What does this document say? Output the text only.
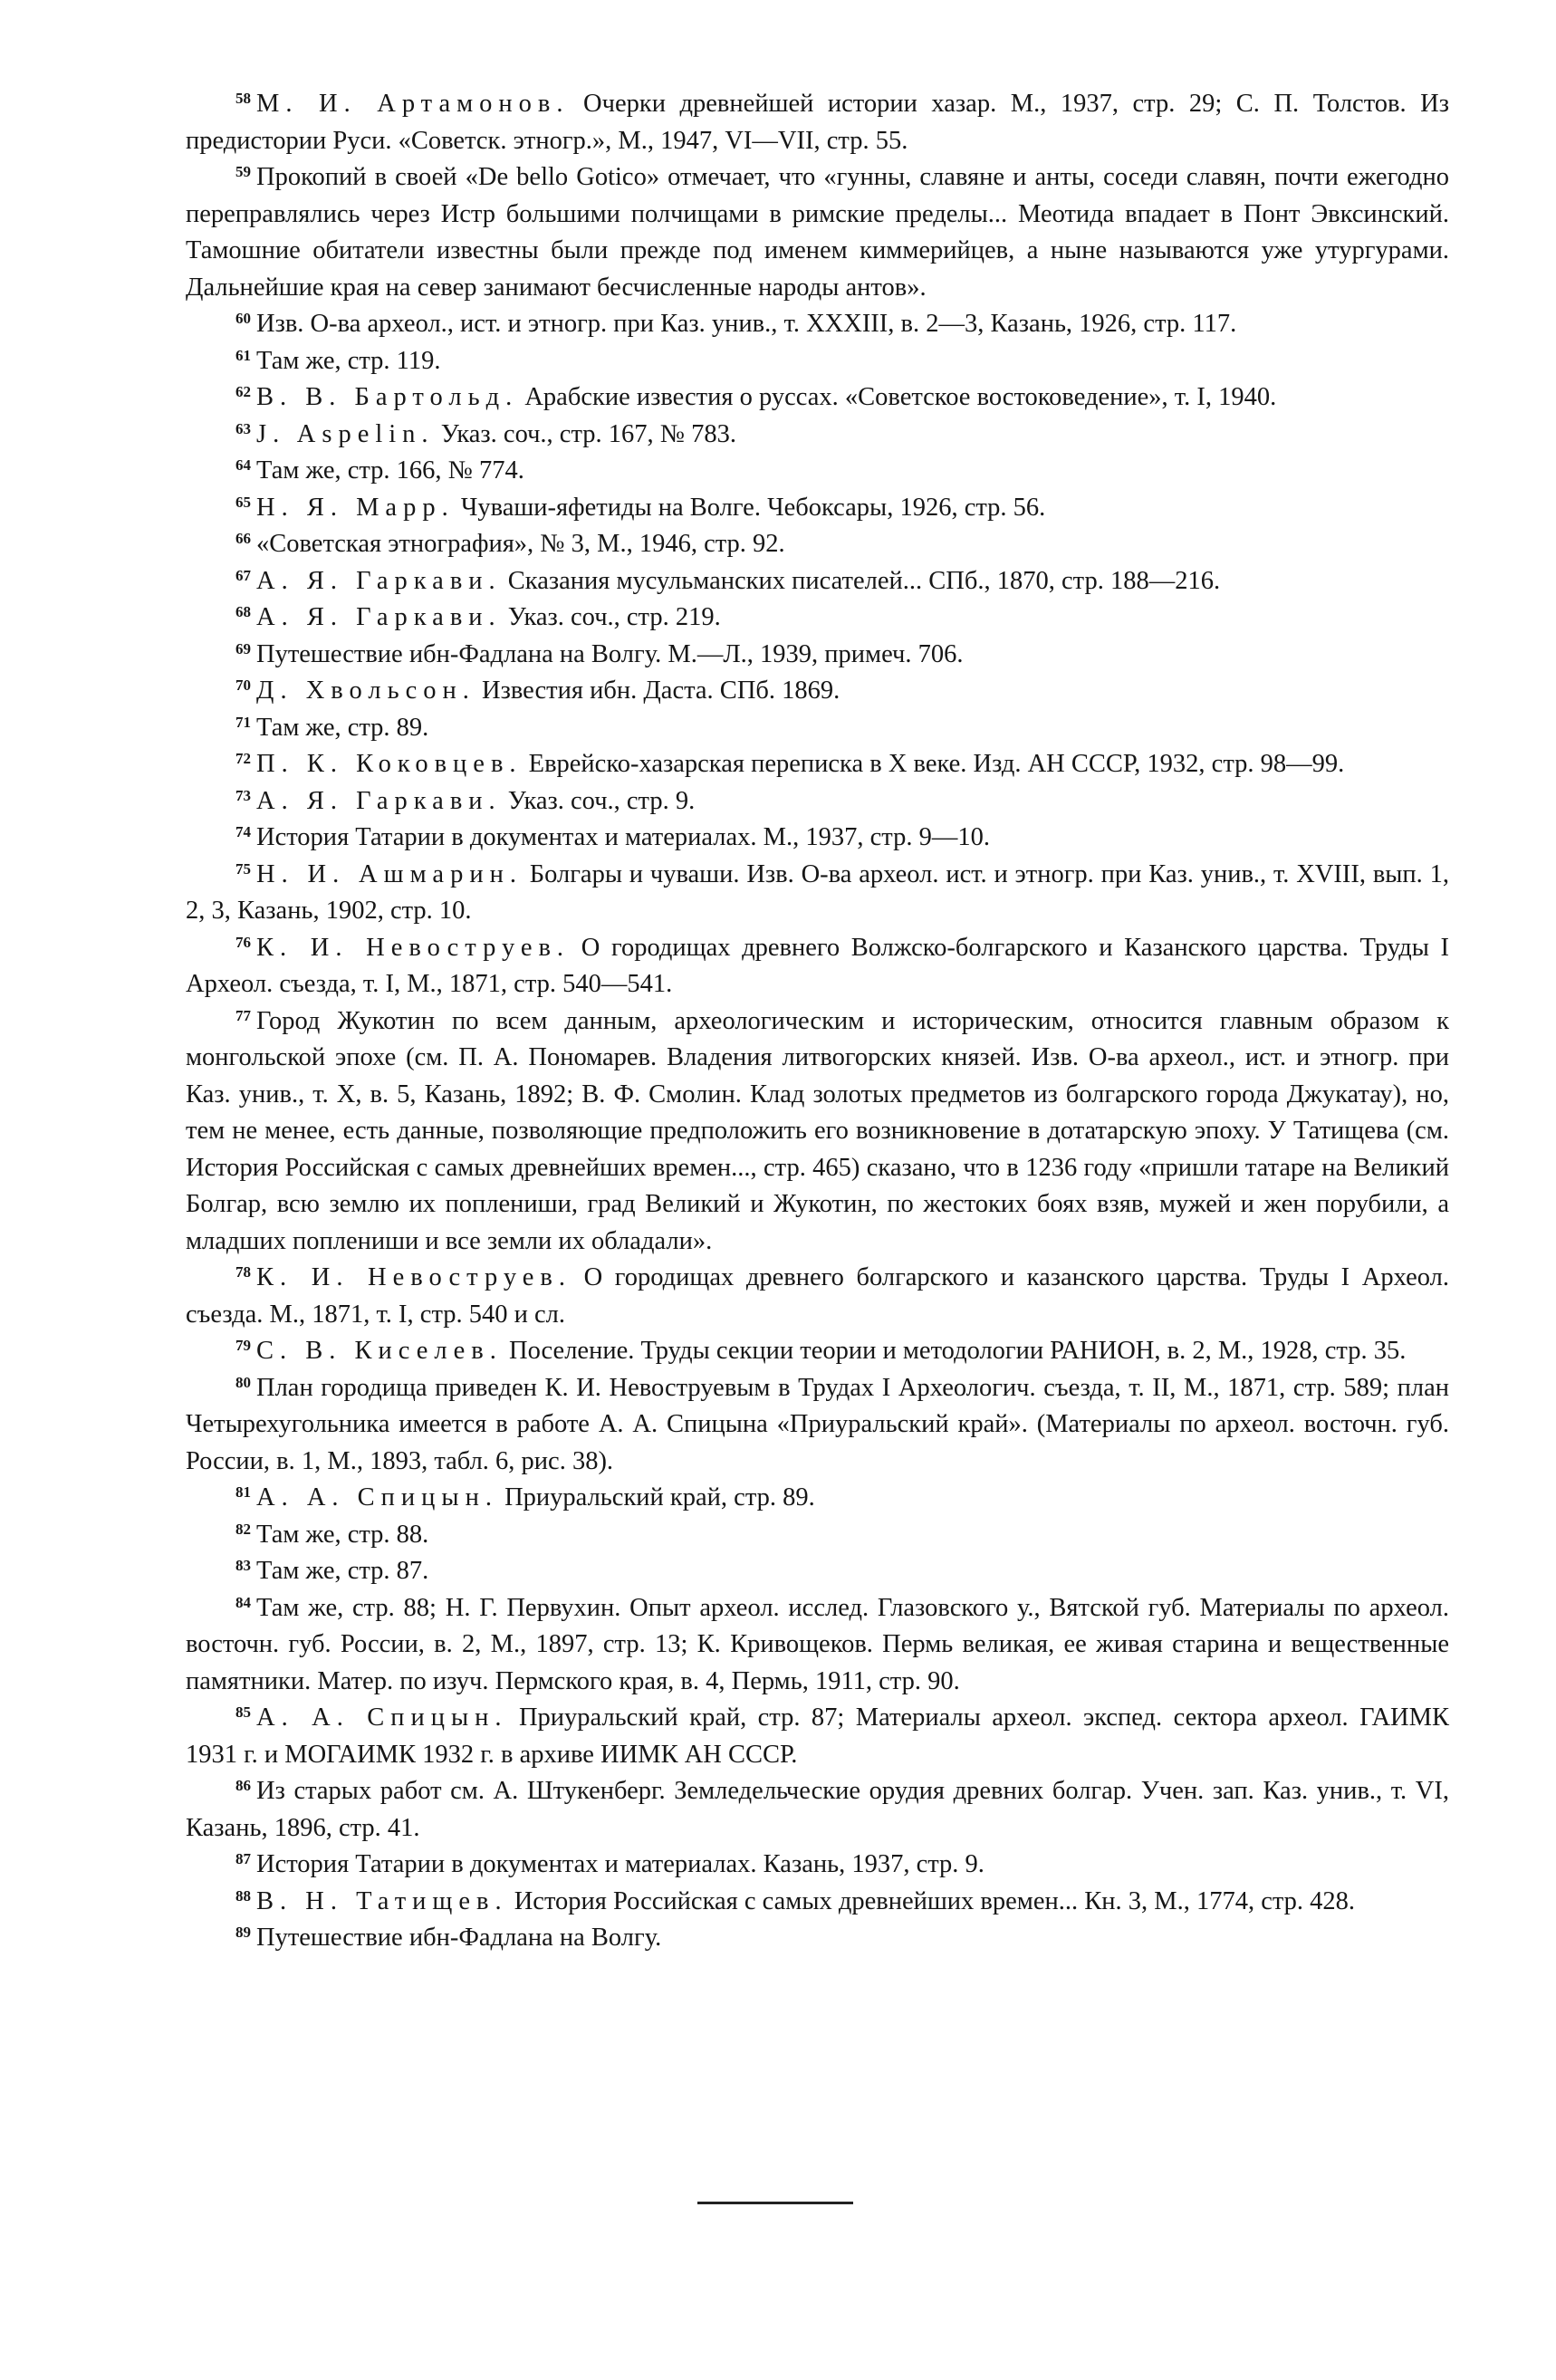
$^{58}$ М. И. Артамонов. Очерки древнейшей истории хазар. М., 1937, стр. 29; С. П. Толстов. Из предистории Руси. «Советск. этногр.», М., 1947, VI—VII, стр. 55.

$^{59}$ Прокопий в своей «De bello Gotico» отмечает, что «гунны, славяне и анты, соседи славян, почти ежегодно переправлялись через Истр большими полчищами в римские пределы... Меотида впадает в Понт Эвксинский. Тамошние обитатели известны были прежде под именем киммерийцев, а ныне называются уже утургурами. Дальнейшие края на север занимают бесчисленные народы антов».

$^{60}$ Изв. О-ва археол., ист. и этногр. при Каз. унив., т. XXXIII, в. 2—3, Казань, 1926, стр. 117.

$^{61}$ Там же, стр. 119.

$^{62}$ В. В. Бартольд. Арабские известия о руссах. «Советское востоковедение», т. I, 1940.

$^{63}$ J. Aspelin. Указ. соч., стр. 167, № 783.

$^{64}$ Там же, стр. 166, № 774.

$^{65}$ Н. Я. Марр. Чуваши-яфетиды на Волге. Чебоксары, 1926, стр. 56.

$^{66}$ «Советская этнография», № 3, М., 1946, стр. 92.

$^{67}$ А. Я. Гаркави. Сказания мусульманских писателей... СПб., 1870, стр. 188—216.

$^{68}$ А. Я. Гаркави. Указ. соч., стр. 219.

$^{69}$ Путешествие ибн-Фадлана на Волгу. М.—Л., 1939, примеч. 706.

$^{70}$ Д. Хвольсон. Известия ибн. Даста. СПб. 1869.

$^{71}$ Там же, стр. 89.

$^{72}$ П. К. Коковцев. Еврейско-хазарская переписка в X веке. Изд. АН СССР, 1932, стр. 98—99.

$^{73}$ А. Я. Гаркави. Указ. соч., стр. 9.

$^{74}$ История Татарии в документах и материалах. М., 1937, стр. 9—10.

$^{75}$ Н. И. Ашмарин. Болгары и чуваши. Изв. О-ва археол. ист. и этногр. при Каз. унив., т. XVIII, вып. 1, 2, 3, Казань, 1902, стр. 10.

$^{76}$ К. И. Невоструев. О городищах древнего Волжско-болгарского и Казанского царства. Труды I Археол. съезда, т. I, М., 1871, стр. 540—541.

$^{77}$ Город Жукотин по всем данным, археологическим и историческим, относится главным образом к монгольской эпохе (см. П. А. Пономарев. Владения литвогорских князей. Изв. О-ва археол., ист. и этногр. при Каз. унив., т. X, в. 5, Казань, 1892; В. Ф. Смолин. Клад золотых предметов из болгарского города Джукатау), но, тем не менее, есть данные, позволяющие предположить его возникновение в дотатарскую эпоху. У Татищева (см. История Российская с самых древнейших времен..., стр. 465) сказано, что в 1236 году «пришли татаре на Великий Болгар, всю землю их поплениши, град Великий и Жукотин, по жестоких боях взяв, мужей и жен порубили, а младших поплениши и все земли их обладали».

$^{78}$ К. И. Невоструев. О городищах древнего болгарского и казанского царства. Труды I Археол. съезда. М., 1871, т. I, стр. 540 и сл.

$^{79}$ С. В. Киселев. Поселение. Труды секции теории и методологии РАНИОН, в. 2, М., 1928, стр. 35.

$^{80}$ План городища приведен К. И. Невоструевым в Трудах I Археологич. съезда, т. II, М., 1871, стр. 589; план Четырехугольника имеется в работе А. А. Спицына «Приуральский край». (Материалы по археол. восточн. губ. России, в. 1, М., 1893, табл. 6, рис. 38).

$^{81}$ А. А. Спицын. Приуральский край, стр. 89.

$^{82}$ Там же, стр. 88.

$^{83}$ Там же, стр. 87.

$^{84}$ Там же, стр. 88; Н. Г. Первухин. Опыт археол. исслед. Глазовского у., Вятской губ. Материалы по археол. восточн. губ. России, в. 2, М., 1897, стр. 13; К. Кривощеков. Пермь великая, ее живая старина и вещественные памятники. Матер. по изуч. Пермского края, в. 4, Пермь, 1911, стр. 90.

$^{85}$ А. А. Спицын. Приуральский край, стр. 87; Материалы археол. экспед. сектора археол. ГАИМК 1931 г. и МОГАИМК 1932 г. в архиве ИИМК АН СССР.

$^{86}$ Из старых работ см. А. Штукенберг. Земледельческие орудия древних болгар. Учен. зап. Каз. унив., т. VI, Казань, 1896, стр. 41.

$^{87}$ История Татарии в документах и материалах. Казань, 1937, стр. 9.

$^{88}$ В. Н. Татищев. История Российская с самых древнейших времен... Кн. 3, М., 1774, стр. 428.

$^{89}$ Путешествие ибн-Фадлана на Волгу.
